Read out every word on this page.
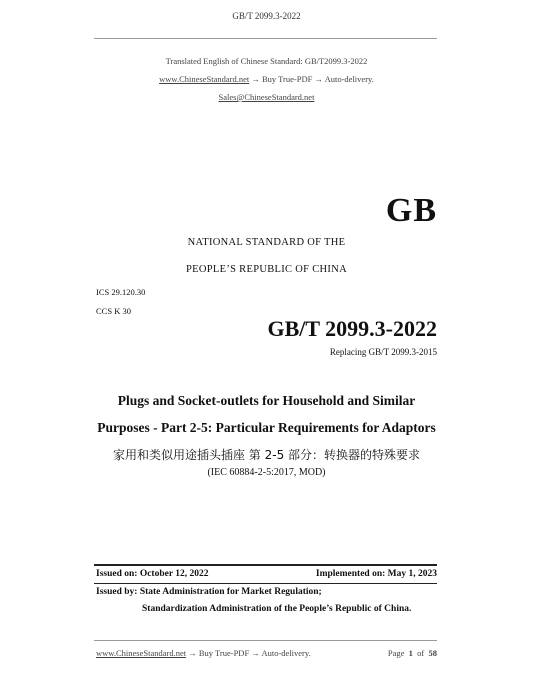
GB/T 2099.3-2022
Translated English of Chinese Standard: GB/T2099.3-2022
www.ChineseStandard.net → Buy True-PDF → Auto-delivery.
Sales@ChineseStandard.net
GB
NATIONAL STANDARD OF THE
PEOPLE’S REPUBLIC OF CHINA
ICS 29.120.30
CCS K 30
GB/T 2099.3-2022
Replacing GB/T 2099.3-2015
Plugs and Socket-outlets for Household and Similar
Purposes - Part 2-5: Particular Requirements for Adaptors
家用和类似用途插头插座 第 2-5 部分：转换器的特殊要求
(IEC 60884-2-5:2017, MOD)
Issued on: October 12, 2022	Implemented on: May 1, 2023
Issued by: State Administration for Market Regulation;
Standardization Administration of the People’s Republic of China.
www.ChineseStandard.net → Buy True-PDF → Auto-delivery.	Page 1 of 58
